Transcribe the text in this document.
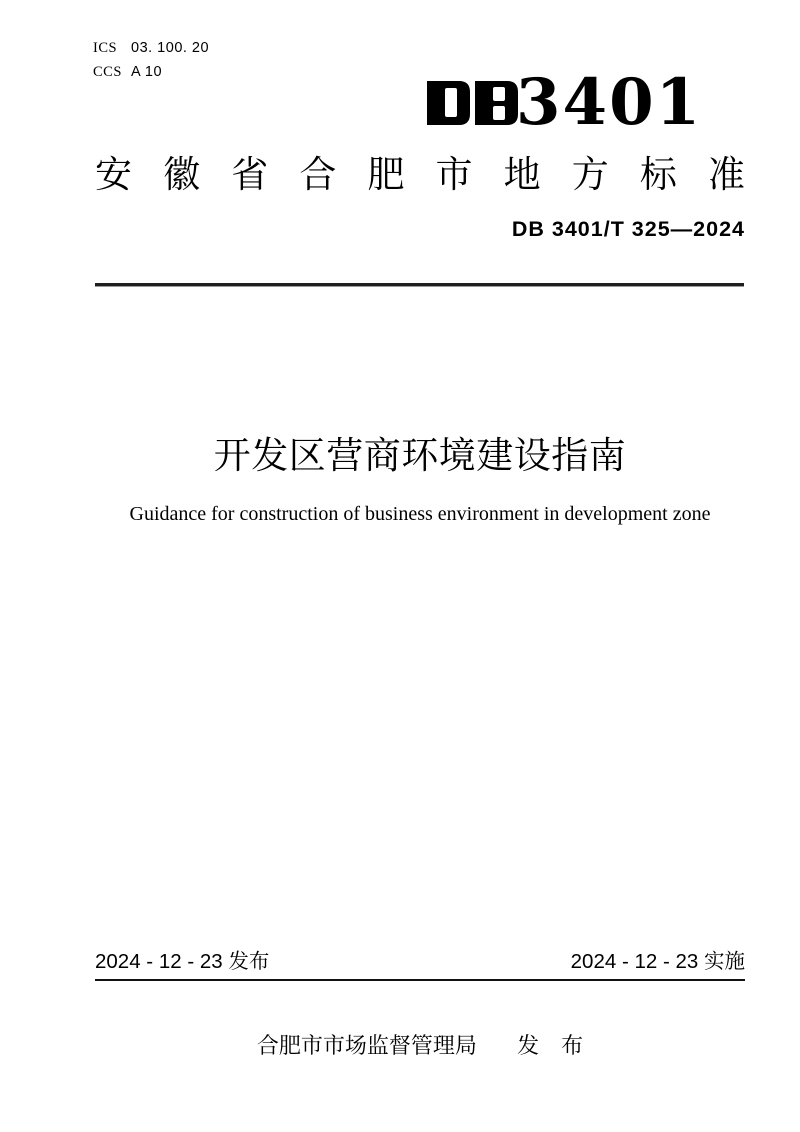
ICS 03. 100. 20
CCS A 10	3401
安 徽 省 合 肥 市 地 方 标 准
DB 3401/T 325—2024
开发区营商环境建设指南
Guidance for construction of business environment in development zone
2024 - 12 - 23 发布	2024 - 12 - 23 实施
合肥市市场监督管理局 发　布
